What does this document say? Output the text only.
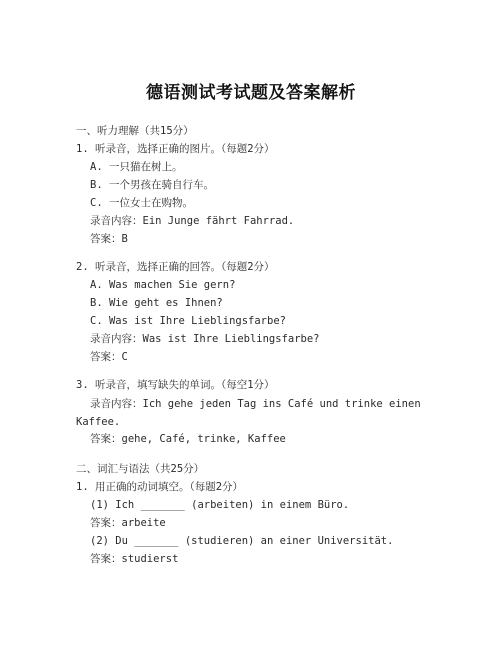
德语测试考试题及答案解析
一、听力理解（共15分）
1. 听录音，选择正确的图片。（每题2分）
A. 一只猫在树上。
B. 一个男孩在骑自行车。
C. 一位女士在购物。
录音内容：Ein Junge fährt Fahrrad.
答案：B
2. 听录音，选择正确的回答。（每题2分）
A. Was machen Sie gern?
B. Wie geht es Ihnen?
C. Was ist Ihre Lieblingsfarbe?
录音内容：Was ist Ihre Lieblingsfarbe?
答案：C
3. 听录音，填写缺失的单词。（每空1分）
录音内容：Ich gehe jeden Tag ins Café und trinke einen Kaffee.
答案：gehe, Café, trinke, Kaffee
二、词汇与语法（共25分）
1. 用正确的动词填空。（每题2分）
(1) Ich _______ (arbeiten) in einem Büro.
答案：arbeite
(2) Du _______ (studieren) an einer Universität.
答案：studierst
